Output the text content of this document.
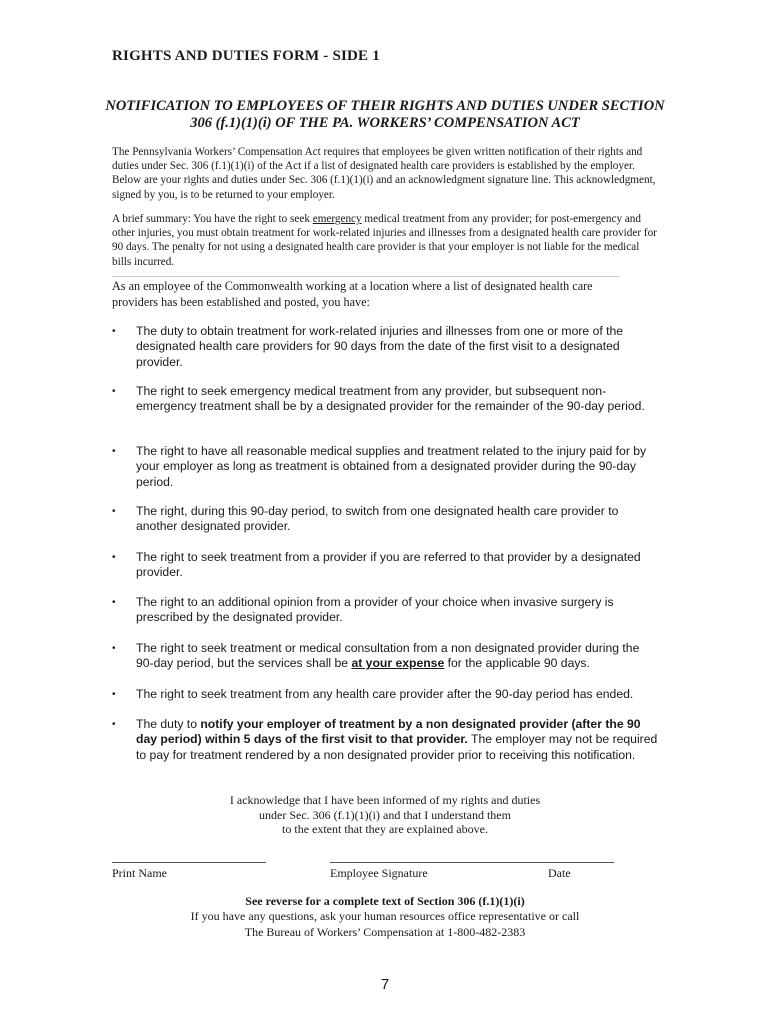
RIGHTS AND DUTIES FORM - SIDE 1
NOTIFICATION TO EMPLOYEES OF THEIR RIGHTS AND DUTIES UNDER SECTION
306 (f.1)(1)(i) OF THE PA. WORKERS’ COMPENSATION ACT

The Pennsylvania Workers’ Compensation Act requires that employees be given written notification of their rights and duties under Sec. 306 (f.1)(1)(i) of the Act if a list of designated health care providers is established by the employer. Below are your rights and duties under Sec. 306 (f.1)(1)(i) and an acknowledgment signature line. This acknowledgment, signed by you, is to be returned to your employer.

A brief summary: You have the right to seek emergency medical treatment from any provider; for post-emergency and other injuries, you must obtain treatment for work-related injuries and illnesses from a designated health care provider for 90 days. The penalty for not using a designated health care provider is that your employer is not liable for the medical bills incurred.

As an employee of the Commonwealth working at a location where a list of designated health care providers has been established and posted, you have:

•	The duty to obtain treatment for work-related injuries and illnesses from one or more of the designated health care providers for 90 days from the date of the first visit to a designated provider.
•	The right to seek emergency medical treatment from any provider, but subsequent non-emergency treatment shall be by a designated provider for the remainder of the 90-day period.
•	The right to have all reasonable medical supplies and treatment related to the injury paid for by your employer as long as treatment is obtained from a designated provider during the 90-day period.
•	The right, during this 90-day period, to switch from one designated health care provider to another designated provider.
•	The right to seek treatment from a provider if you are referred to that provider by a designated provider.
•	The right to an additional opinion from a provider of your choice when invasive surgery is prescribed by the designated provider.
•	The right to seek treatment or medical consultation from a non designated provider during the 90-day period, but the services shall be at your expense for the applicable 90 days.
•	The right to seek treatment from any health care provider after the 90-day period has ended.
•	The duty to notify your employer of treatment by a non designated provider (after the 90 day period) within 5 days of the first visit to that provider. The employer may not be required to pay for treatment rendered by a non designated provider prior to receiving this notification.
I acknowledge that I have been informed of my rights and duties
under Sec. 306 (f.1)(1)(i) and that I understand them
to the extent that they are explained above.
Print Name	Employee Signature	Date
See reverse for a complete text of Section 306 (f.1)(1)(i)
If you have any questions, ask your human resources office representative or call
The Bureau of Workers’ Compensation at 1-800-482-2383
7
